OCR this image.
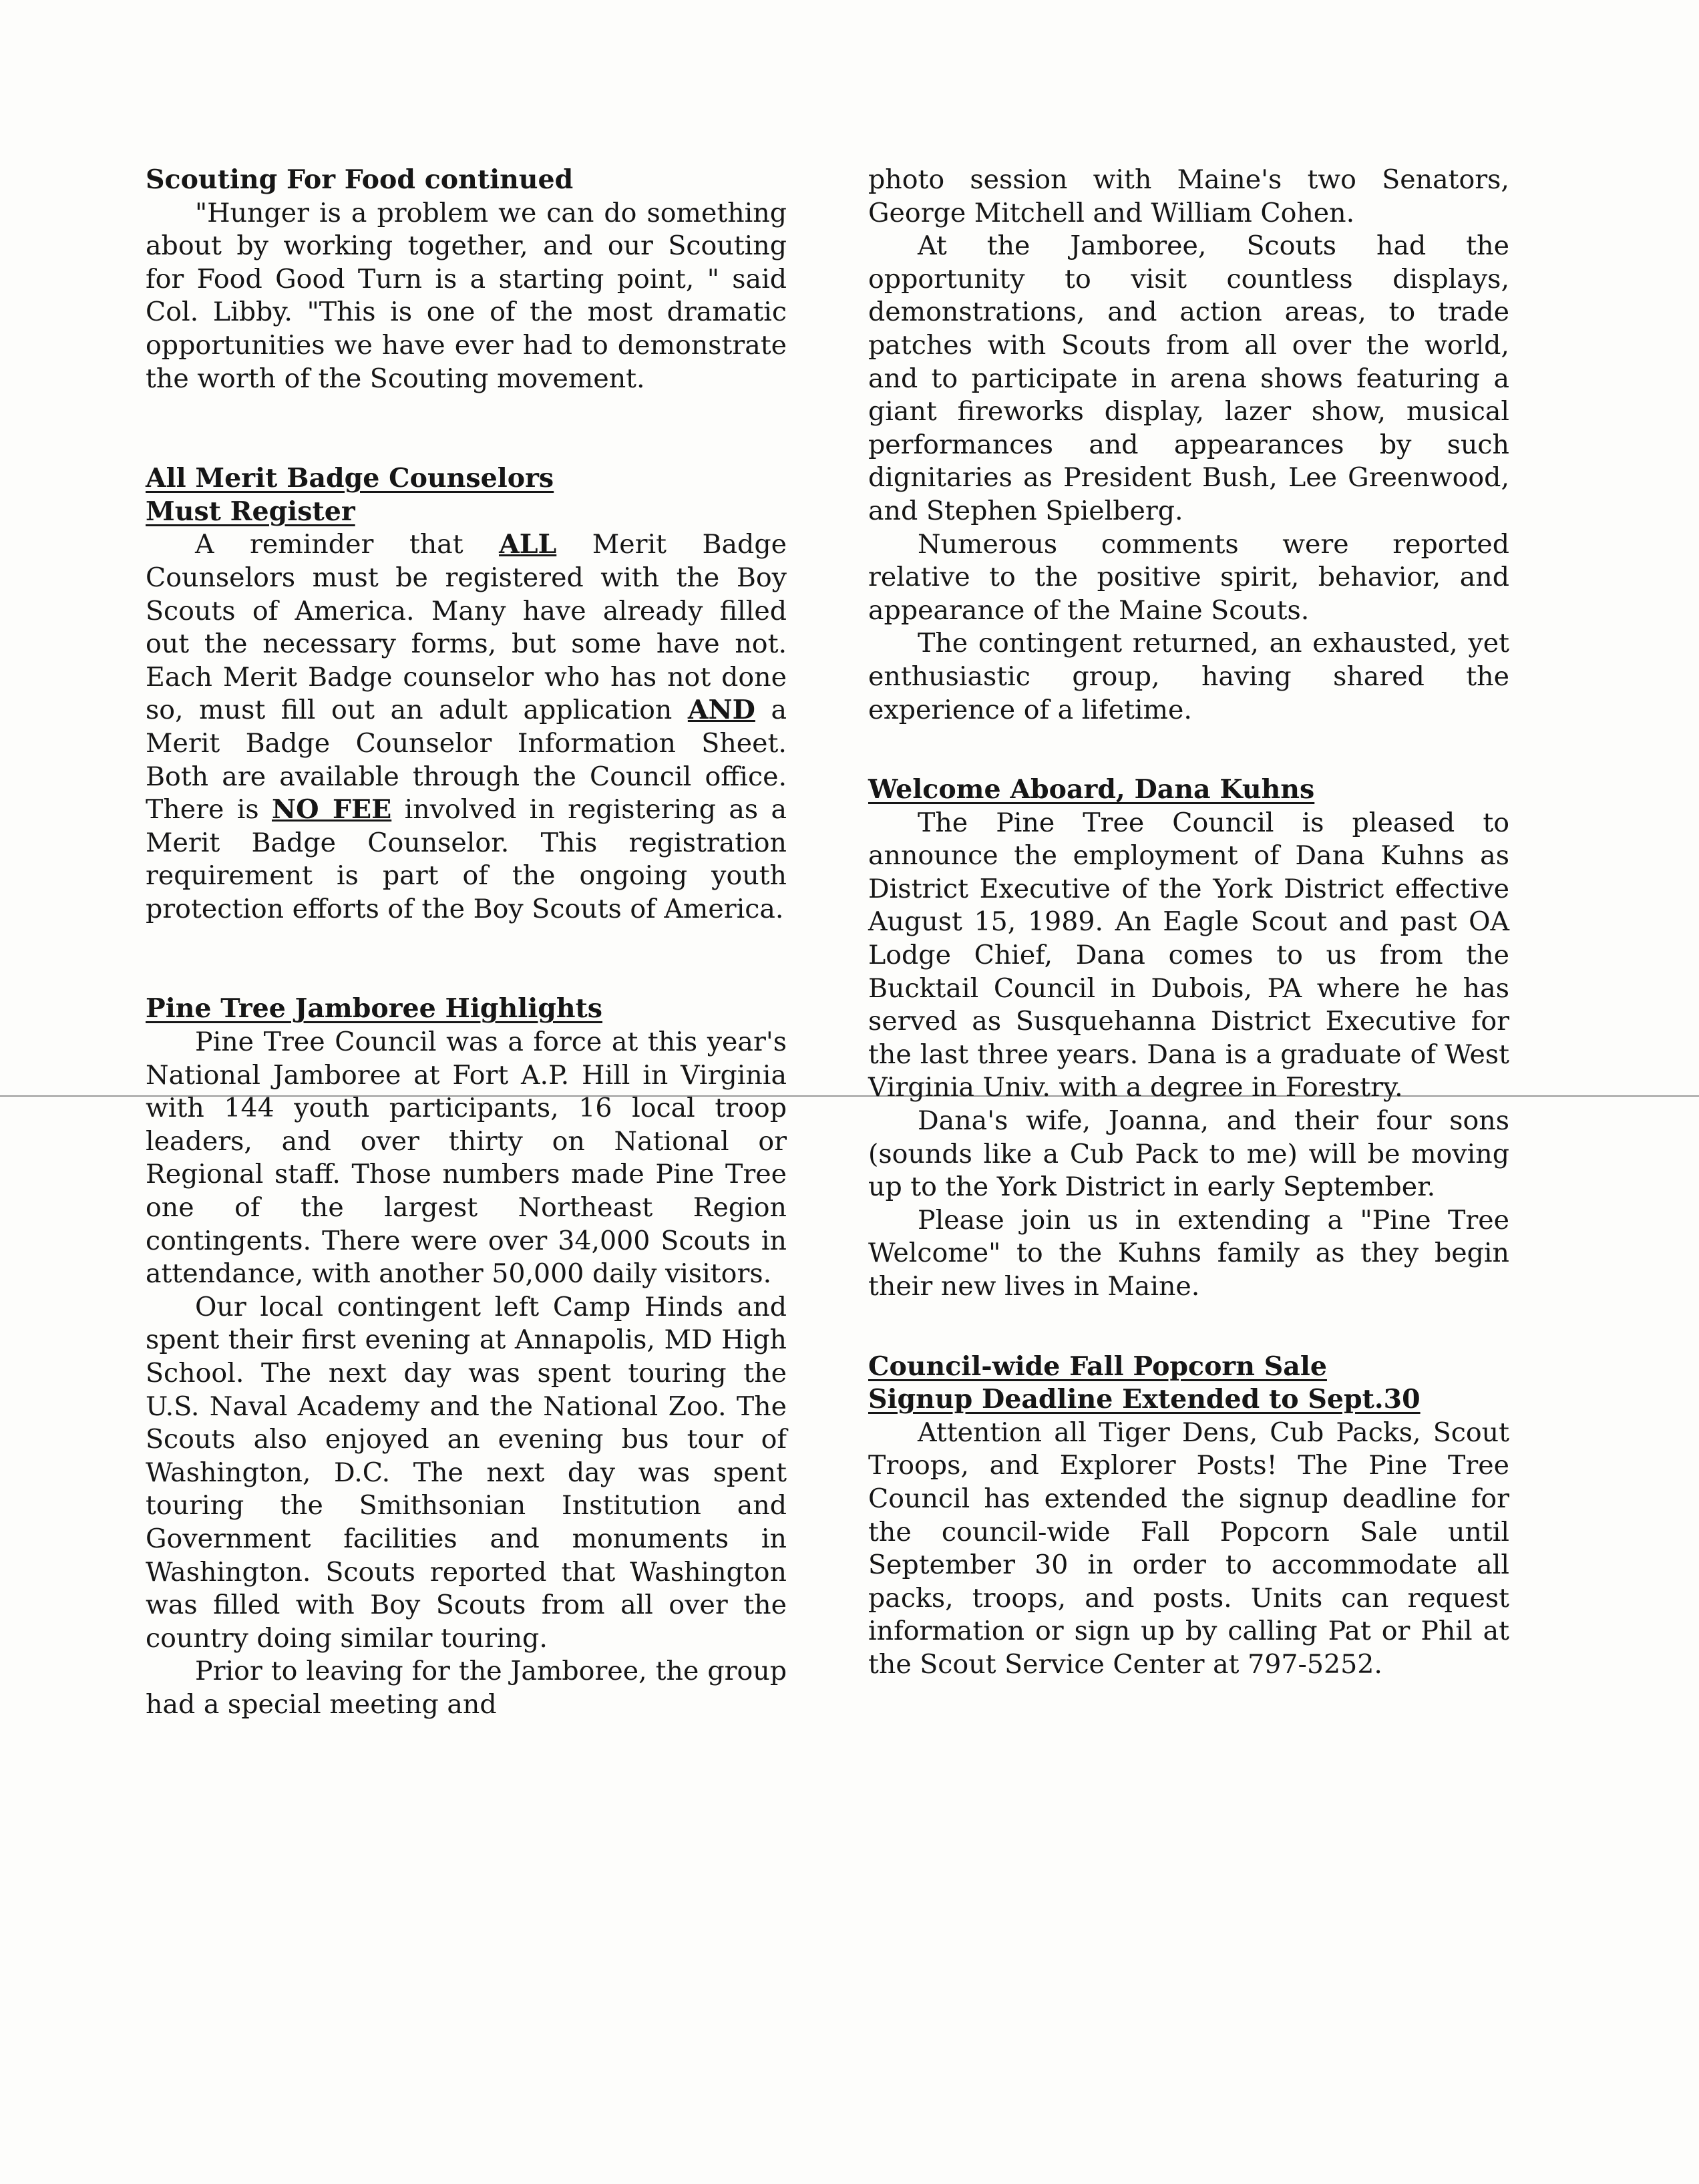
Scouting For Food continued

"Hunger is a problem we can do something about by working together, and our Scouting for Food Good Turn is a starting point, " said Col. Libby. "This is one of the most dramatic opportunities we have ever had to demonstrate the worth of the Scouting movement.

All Merit Badge Counselors

Must Register

A reminder that ALL Merit Badge Counselors must be registered with the Boy Scouts of America. Many have already filled out the necessary forms, but some have not. Each Merit Badge counselor who has not done so, must fill out an adult application AND a Merit Badge Counselor Information Sheet. Both are available through the Council office. There is NO FEE involved in registering as a Merit Badge Counselor. This registration requirement is part of the ongoing youth protection efforts of the Boy Scouts of America.

Pine Tree Jamboree Highlights

Pine Tree Council was a force at this year's National Jamboree at Fort A.P. Hill in Virginia with 144 youth participants, 16 local troop leaders, and over thirty on National or Regional staff. Those numbers made Pine Tree one of the largest Northeast Region contingents. There were over 34,000 Scouts in attendance, with another 50,000 daily visitors.

Our local contingent left Camp Hinds and spent their first evening at Annapolis, MD High School. The next day was spent touring the U.S. Naval Academy and the National Zoo. The Scouts also enjoyed an evening bus tour of Washington, D.C. The next day was spent touring the Smithsonian Institution and Government facilities and monuments in Washington. Scouts reported that Washington was filled with Boy Scouts from all over the country doing similar touring.

Prior to leaving for the Jamboree, the group had a special meeting and

photo session with Maine's two Senators, George Mitchell and William Cohen.

At the Jamboree, Scouts had the opportunity to visit countless displays, demonstrations, and action areas, to trade patches with Scouts from all over the world, and to participate in arena shows featuring a giant fireworks display, lazer show, musical performances and appearances by such dignitaries as President Bush, Lee Greenwood, and Stephen Spielberg.

Numerous comments were reported relative to the positive spirit, behavior, and appearance of the Maine Scouts.

The contingent returned, an exhausted, yet enthusiastic group, having shared the experience of a lifetime.

Welcome Aboard, Dana Kuhns

The Pine Tree Council is pleased to announce the employment of Dana Kuhns as District Executive of the York District effective August 15, 1989. An Eagle Scout and past OA Lodge Chief, Dana comes to us from the Bucktail Council in Dubois, PA where he has served as Susquehanna District Executive for the last three years. Dana is a graduate of West Virginia Univ. with a degree in Forestry.

Dana's wife, Joanna, and their four sons (sounds like a Cub Pack to me) will be moving up to the York District in early September.

Please join us in extending a "Pine Tree Welcome" to the Kuhns family as they begin their new lives in Maine.

Council-wide Fall Popcorn Sale

Signup Deadline Extended to Sept.30

Attention all Tiger Dens, Cub Packs, Scout Troops, and Explorer Posts! The Pine Tree Council has extended the signup deadline for the council-wide Fall Popcorn Sale until September 30 in order to accommodate all packs, troops, and posts. Units can request information or sign up by calling Pat or Phil at the Scout Service Center at 797-5252.
